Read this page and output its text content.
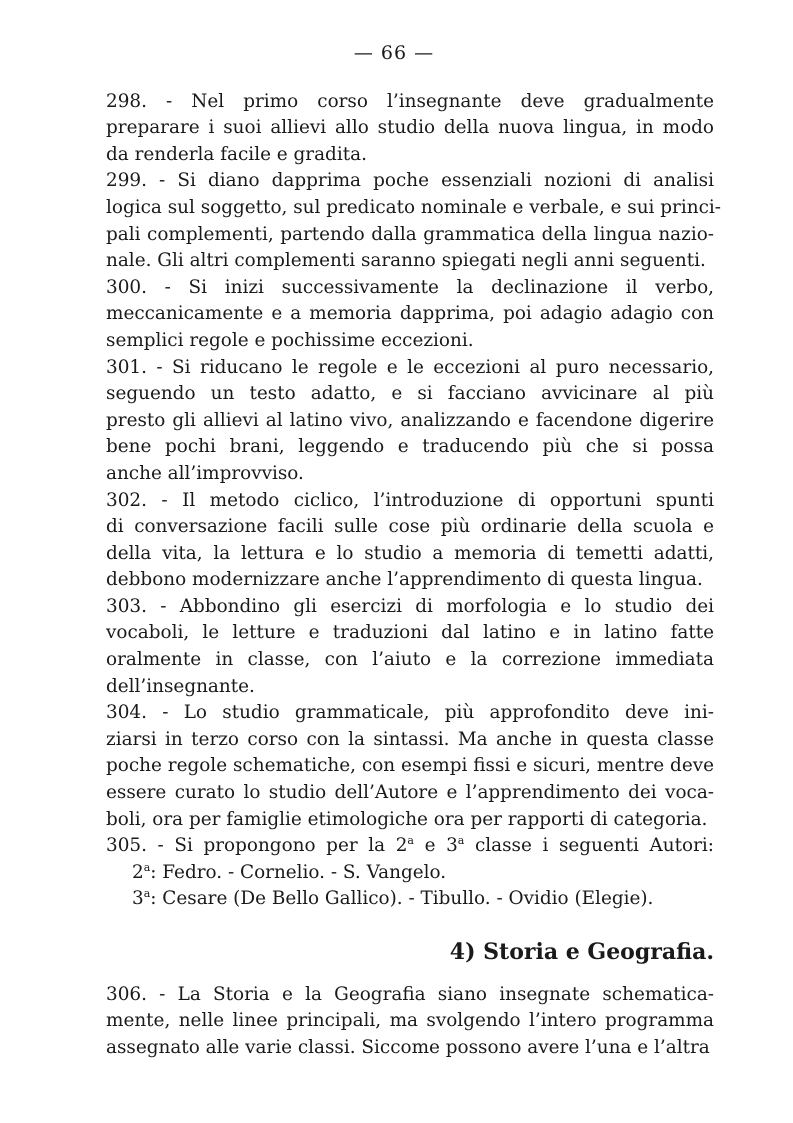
— 66 —

298. - Nel primo corso l’insegnante deve gradualmente
preparare i suoi allievi allo studio della nuova lingua, in modo
da renderla facile e gradita.

299. - Si diano dapprima poche essenziali nozioni di analisi
logica sul soggetto, sul predicato nominale e verbale, e sui princi-
pali complementi, partendo dalla grammatica della lingua nazio-
nale. Gli altri complementi saranno spiegati negli anni seguenti.

300. - Si inizi successivamente la declinazione il verbo,
meccanicamente e a memoria dapprima, poi adagio adagio con
semplici regole e pochissime eccezioni.

301. - Si riducano le regole e le eccezioni al puro necessario,
seguendo un testo adatto, e si facciano avvicinare al più
presto gli allievi al latino vivo, analizzando e facendone digerire
bene pochi brani, leggendo e traducendo più che si possa
anche all’improvviso.

302. - Il metodo ciclico, l’introduzione di opportuni spunti
di conversazione facili sulle cose più ordinarie della scuola e
della vita, la lettura e lo studio a memoria di temetti adatti,
debbono modernizzare anche l’apprendimento di questa lingua.

303. - Abbondino gli esercizi di morfologia e lo studio dei
vocaboli, le letture e traduzioni dal latino e in latino fatte
oralmente in classe, con l’aiuto e la correzione immediata
dell’insegnante.

304. - Lo studio grammaticale, più approfondito deve ini-
ziarsi in terzo corso con la sintassi. Ma anche in questa classe
poche regole schematiche, con esempi fissi e sicuri, mentre deve
essere curato lo studio dell’Autore e l’apprendimento dei voca-
boli, ora per famiglie etimologiche ora per rapporti di categoria.

305. - Si propongono per la 2$^a$ e 3$^a$ classe i seguenti Autori:

2$^a$: Fedro. - Cornelio. - S. Vangelo.
3$^a$: Cesare (De Bello Gallico). - Tibullo. - Ovidio (Elegie).
4) Storia e Geografia.

306. - La Storia e la Geografia siano insegnate schematica-
mente, nelle linee principali, ma svolgendo l’intero programma
assegnato alle varie classi. Siccome possono avere l’una e l’altra
